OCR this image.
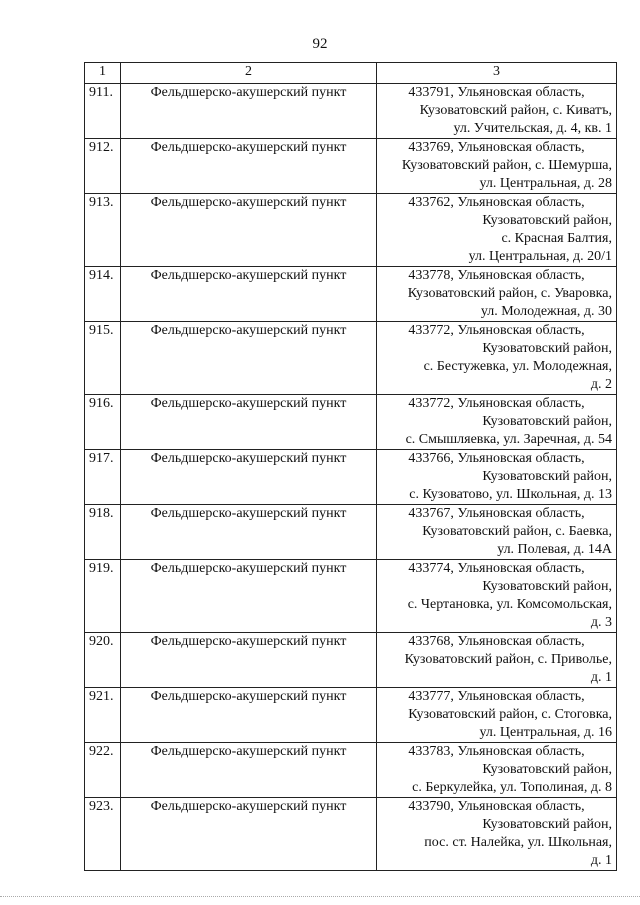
92
1	2	3
911.	Фельдшерско-акушерский пункт	433791, Ульяновская область,
Кузоватовский район, с. Киватъ,
ул. Учительская, д. 4, кв. 1

912.	Фельдшерско-акушерский пункт	433769, Ульяновская область,
Кузоватовский район, с. Шемурша,
ул. Центральная, д. 28

913.	Фельдшерско-акушерский пункт	433762, Ульяновская область,
Кузоватовский район,
с. Красная Балтия,
ул. Центральная, д. 20/1

914.	Фельдшерско-акушерский пункт	433778, Ульяновская область,
Кузоватовский район, с. Уваровка,
ул. Молодежная, д. 30

915.	Фельдшерско-акушерский пункт	433772, Ульяновская область,
Кузоватовский район,
с. Бестужевка, ул. Молодежная,
д. 2

916.	Фельдшерско-акушерский пункт	433772, Ульяновская область,
Кузоватовский район,
с. Смышляевка, ул. Заречная, д. 54

917.	Фельдшерско-акушерский пункт	433766, Ульяновская область,
Кузоватовский район,
с. Кузоватово, ул. Школьная, д. 13

918.	Фельдшерско-акушерский пункт	433767, Ульяновская область,
Кузоватовский район, с. Баевка,
ул. Полевая, д. 14А

919.	Фельдшерско-акушерский пункт	433774, Ульяновская область,
Кузоватовский район,
с. Чертановка, ул. Комсомольская,
д. 3

920.	Фельдшерско-акушерский пункт	433768, Ульяновская область,
Кузоватовский район, с. Приволье,
д. 1

921.	Фельдшерско-акушерский пункт	433777, Ульяновская область,
Кузоватовский район, с. Стоговка,
ул. Центральная, д. 16

922.	Фельдшерско-акушерский пункт	433783, Ульяновская область,
Кузоватовский район,
с. Беркулейка, ул. Тополиная, д. 8

923.	Фельдшерско-акушерский пункт	433790, Ульяновская область,
Кузоватовский район,
пос. ст. Налейка, ул. Школьная,
д. 1
